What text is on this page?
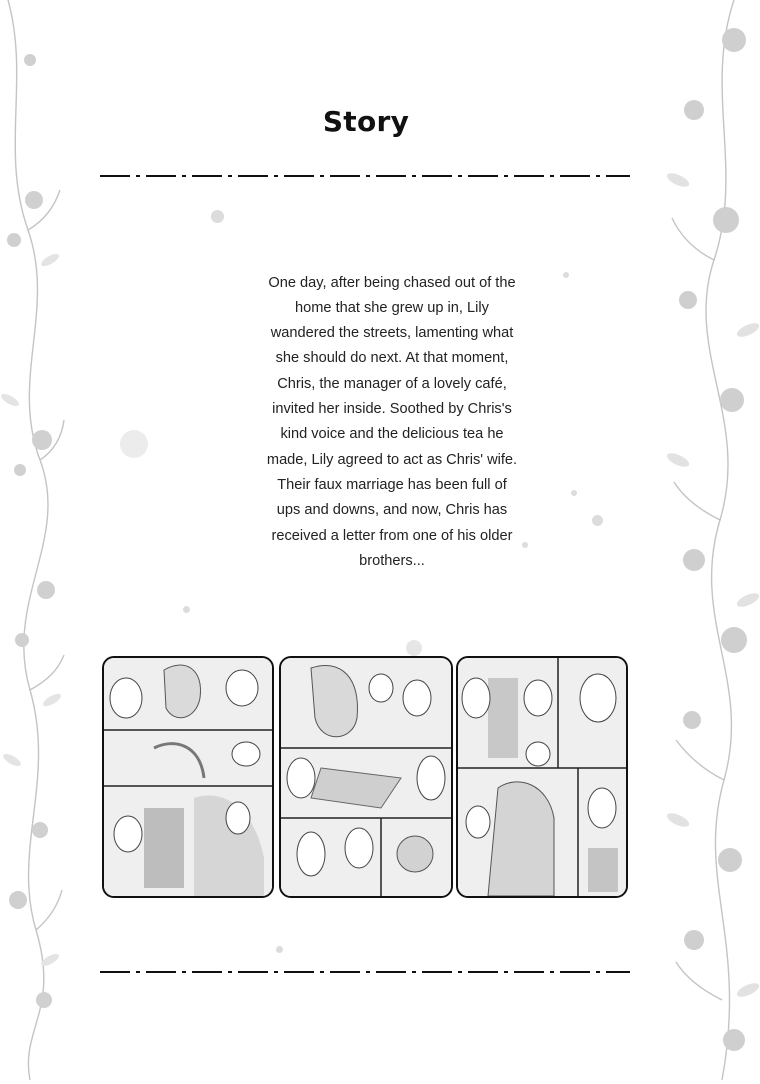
Story

One day, after being chased out of the home that she grew up in, Lily wandered the streets, lamenting what she should do next. At that moment, Chris, the manager of a lovely café, invited her inside. Soothed by Chris's kind voice and the delicious tea he made, Lily agreed to act as Chris' wife. Their faux marriage has been full of ups and downs, and now, Chris has received a letter from one of his older brothers...
